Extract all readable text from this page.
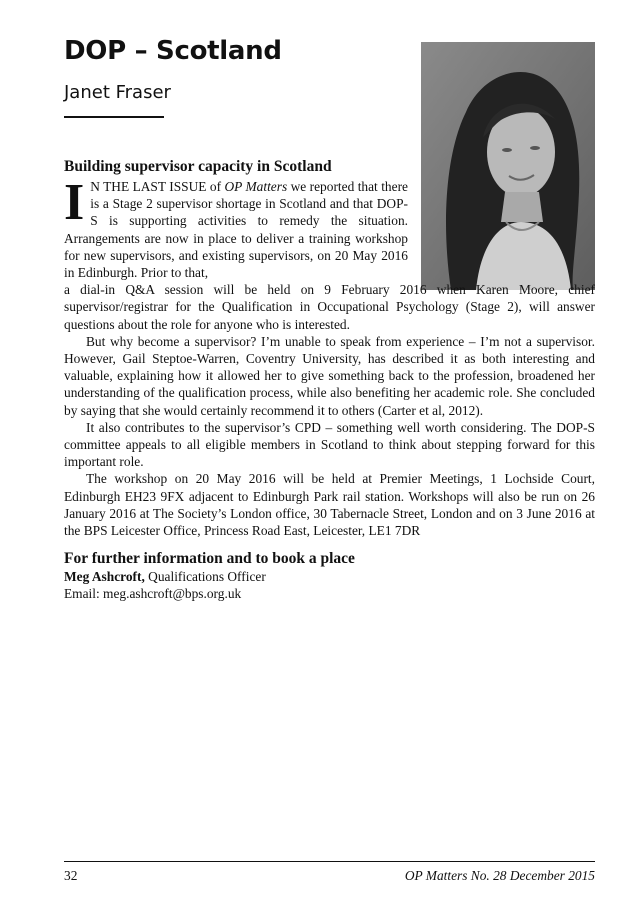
DOP – Scotland
Janet Fraser

Building supervisor capacity in Scotland

I N THE LAST ISSUE of OP Matters we reported that there is a Stage 2 supervisor shortage in Scotland and that DOP-S is supporting activities to remedy the situation. Arrangements are now in place to deliver a training workshop for new supervisors, and existing supervisors, on 20 May 2016 in Edinburgh. Prior to that,

a dial-in Q&A session will be held on 9 February 2016 when Karen Moore, chief supervisor/registrar for the Qualification in Occupational Psychology (Stage 2), will answer questions about the role for anyone who is interested.

But why become a supervisor? I’m unable to speak from experience – I’m not a supervisor. However, Gail Steptoe-Warren, Coventry University, has described it as both interesting and valuable, explaining how it allowed her to give something back to the profession, broadened her understanding of the qualification process, while also benefiting her academic role. She concluded by saying that she would certainly recommend it to others (Carter et al, 2012).

It also contributes to the supervisor’s CPD – something well worth considering. The DOP-S committee appeals to all eligible members in Scotland to think about stepping forward for this important role.

The workshop on 20 May 2016 will be held at Premier Meetings, 1 Lochside Court, Edinburgh EH23 9FX adjacent to Edinburgh Park rail station. Workshops will also be run on 26 January 2016 at The Society’s London office, 30 Tabernacle Street, London and on 3 June 2016 at the BPS Leicester Office, Princess Road East, Leicester, LE1 7DR

For further information and to book a place

Meg Ashcroft, Qualifications Officer

Email: meg.ashcroft@bps.org.uk

32	OP Matters No. 28 December 2015
